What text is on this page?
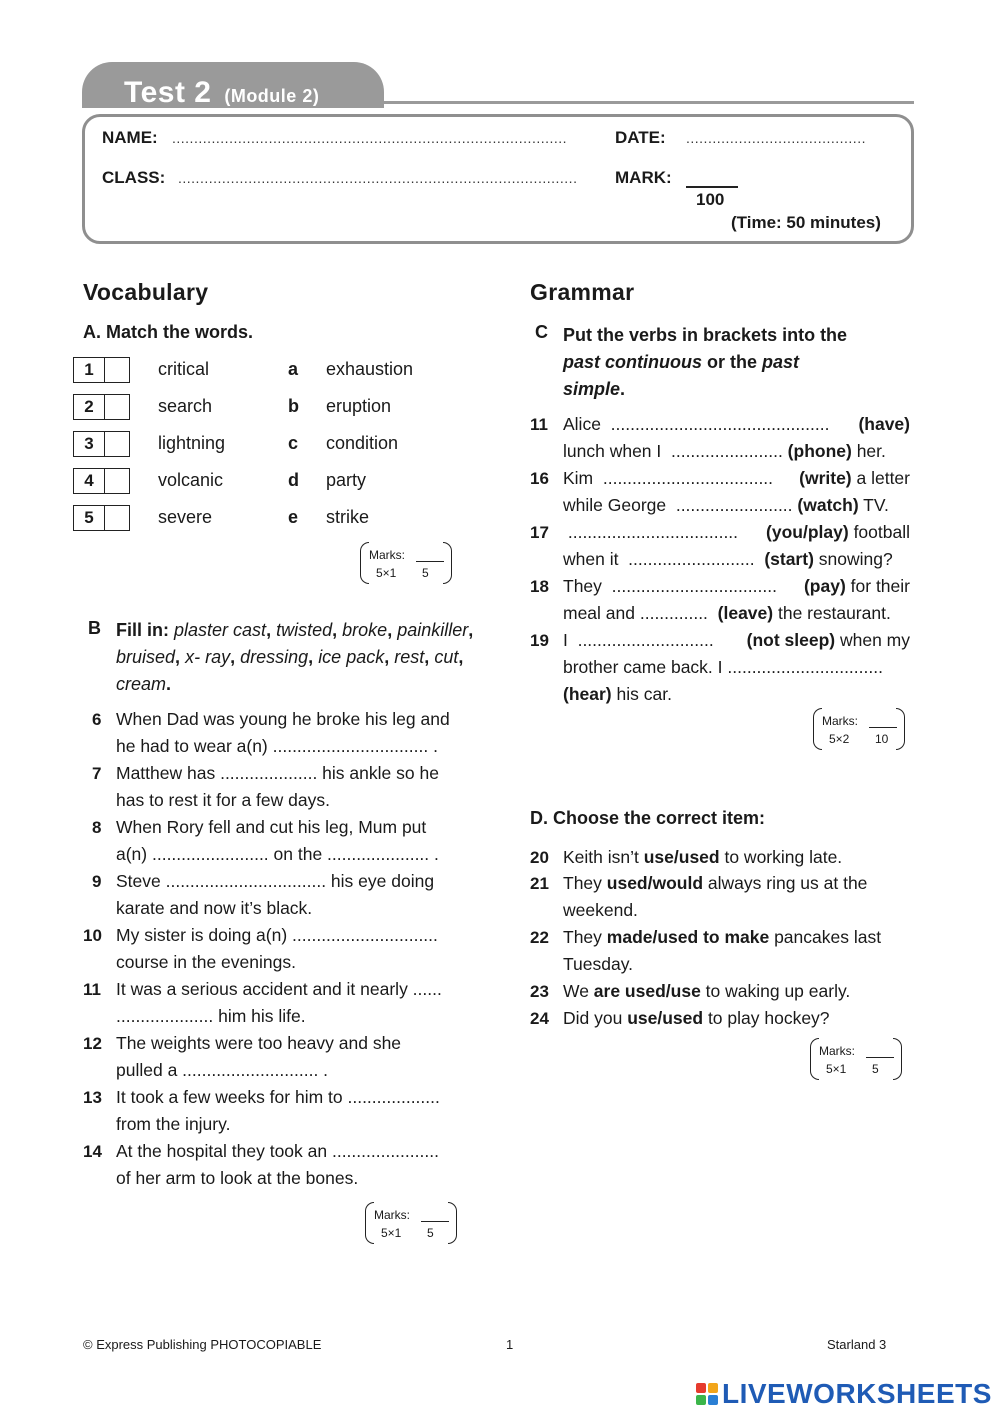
Test 2 (Module 2)
NAME: ..........................................................................................	DATE: .........................................
CLASS: ...........................................................................................	MARK:
100
(Time: 50 minutes)
Vocabulary
A. Match the words.
1	critical	a exhaustion
2	search	b eruption
3	lightning	c condition
4	volcanic	d party
5	severe	e strike
Marks:
5×1 5
B Fill in: plaster cast, twisted, broke, painkiller, bruised, x- ray, dressing, ice pack, rest, cut, cream.
6 When Dad was young he broke his leg and
he had to wear a(n) ................................ .
7 Matthew has .................... his ankle so he
has to rest it for a few days.
8 When Rory fell and cut his leg, Mum put
a(n) ........................ on the ..................... .
9 Steve ................................. his eye doing
karate and now it’s black.
10 My sister is doing a(n) ..............................
course in the evenings.
11 It was a serious accident and it nearly ......
.................... him his life.
12 The weights were too heavy and she
pulled a ............................ .
13 It took a few weeks for him to ...................
from the injury.
14 At the hospital they took an ......................
of her arm to look at the bones.
Marks:
5×1 5
Grammar
C Put the verbs in brackets into the
past continuous or the past
simple.
11 Alice  ............................................. (have)
lunch when I  ....................... (phone) her.
16 Kim  ................................... (write) a letter
while George  ........................ (watch) TV.
17 ................................... (you/play) football
when it  ..........................  (start) snowing?
18 They  .................................. (pay) for their
meal and ..............  (leave) the restaurant.
19 I  ............................ (not sleep) when my
brother came back. I ................................
(hear) his car.
Marks:
5×2 10
D. Choose the correct item:
20 Keith isn’t use/used to working late.
21 They used/would always ring us at the
weekend.
22 They made/used to make pancakes last
Tuesday.
23 We are used/use to waking up early.
24 Did you use/used to play hockey?
Marks:
5×1 5
© Express Publishing PHOTOCOPIABLE	1	Starland 3
LIVEWORKSHEETS
